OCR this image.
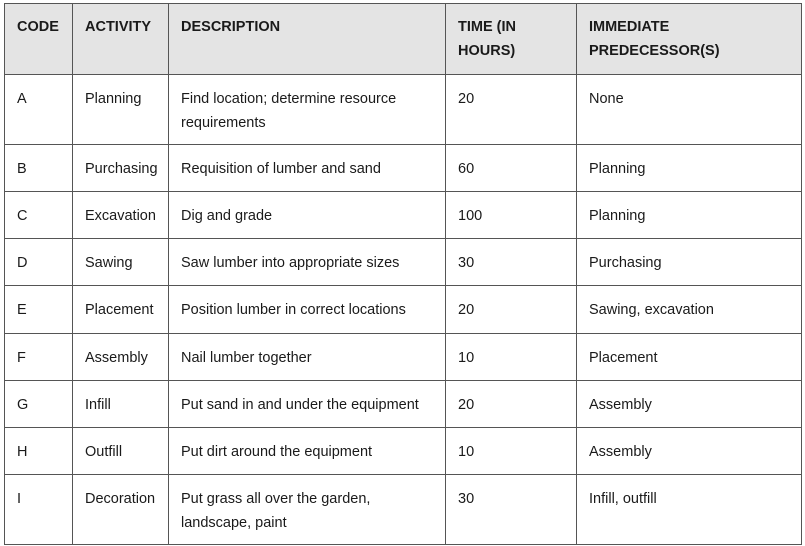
CODE	ACTIVITY	DESCRIPTION	TIME (IN HOURS)	IMMEDIATE PREDECESSOR(S)
A	Planning	Find location; determine resource requirements	20	None
B	Purchasing	Requisition of lumber and sand	60	Planning
C	Excavation	Dig and grade	100	Planning
D	Sawing	Saw lumber into appropriate sizes	30	Purchasing
E	Placement	Position lumber in correct locations	20	Sawing, excavation
F	Assembly	Nail lumber together	10	Placement
G	Infill	Put sand in and under the equipment	20	Assembly
H	Outfill	Put dirt around the equipment	10	Assembly
I	Decoration	Put grass all over the garden, landscape, paint	30	Infill, outfill
